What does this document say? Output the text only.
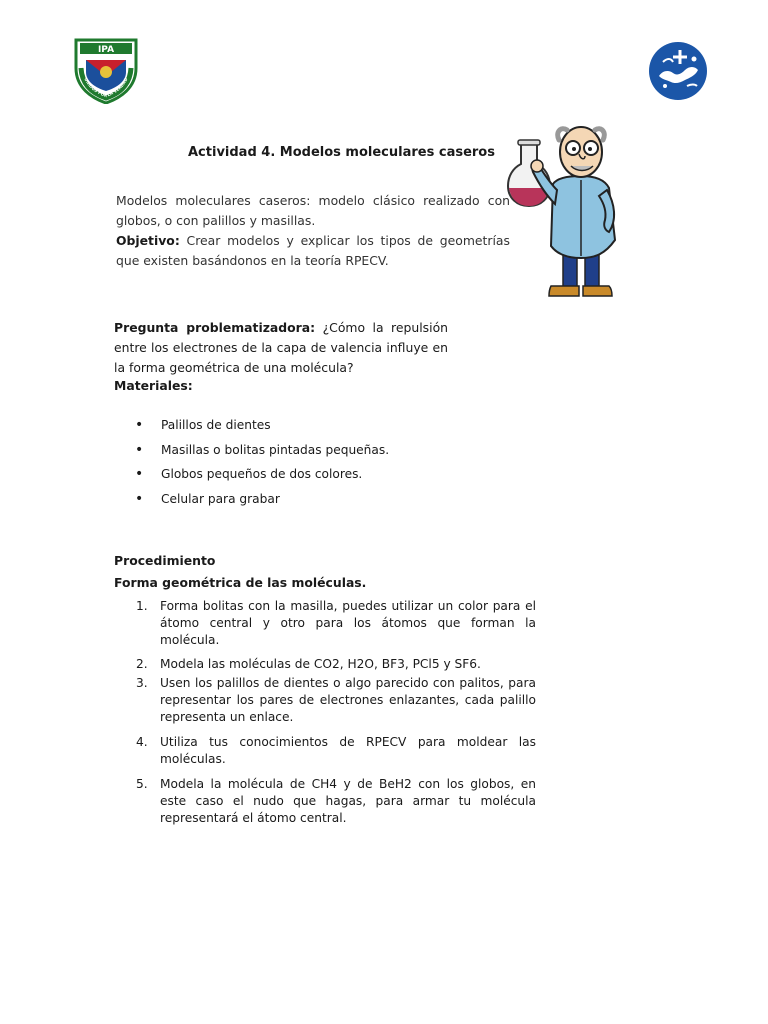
IPA
UNIDOS POR LA VERDAD
Actividad 4. Modelos moleculares caseros
Modelos moleculares caseros: modelo clásico realizado con globos, o con palillos y masillas.
Objetivo: Crear modelos y explicar los tipos de geometrías que existen basándonos en la teoría RPECV.
Pregunta problematizadora: ¿Cómo la repulsión entre los electrones de la capa de valencia influye en la forma geométrica de una molécula?
Materiales:
• Palillos de dientes
• Masillas o bolitas pintadas pequeñas.
• Globos pequeños de dos colores.
• Celular para grabar
Procedimiento
Forma geométrica de las moléculas.
1. Forma bolitas con la masilla, puedes utilizar un color para el átomo central y otro para los átomos que forman la molécula.
2. Modela las moléculas de CO2, H2O, BF3, PCl5 y SF6.
3. Usen los palillos de dientes o algo parecido con palitos, para representar los pares de electrones enlazantes, cada palillo representa un enlace.
4. Utiliza tus conocimientos de RPECV para moldear las moléculas.
5. Modela la molécula de CH4 y de BeH2 con los globos, en este caso el nudo que hagas, para armar tu molécula representará el átomo central.
